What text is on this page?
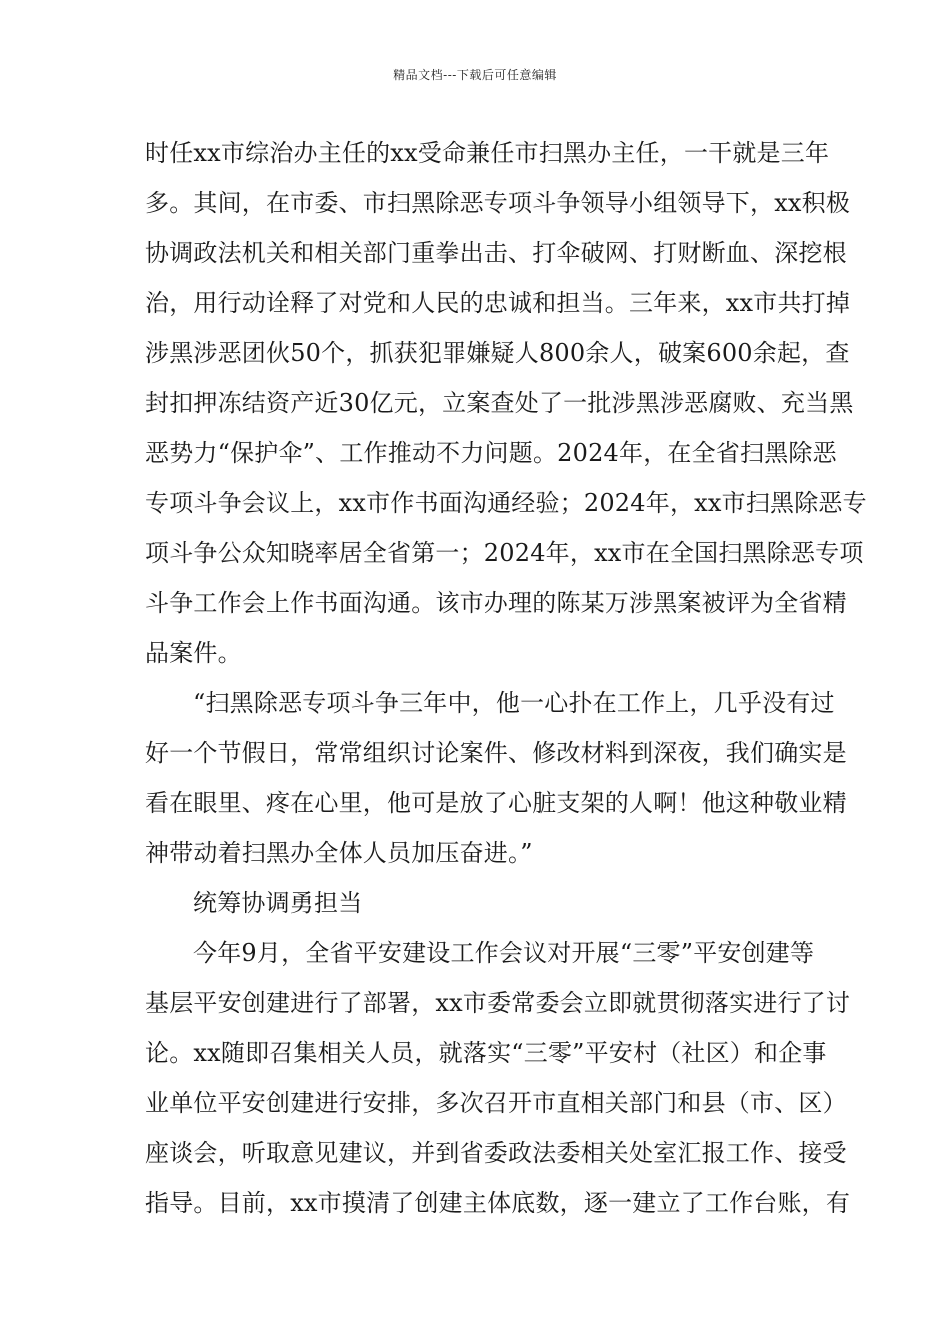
精品文档---下载后可任意编辑
时任xx市综治办主任的xx受命兼任市扫黑办主任，一干就是三年
多。其间，在市委、市扫黑除恶专项斗争领导小组领导下，xx积极
协调政法机关和相关部门重拳出击、打伞破网、打财断血、深挖根
治，用行动诠释了对党和人民的忠诚和担当。三年来，xx市共打掉
涉黑涉恶团伙50个，抓获犯罪嫌疑人800余人，破案600余起，查
封扣押冻结资产近30亿元，立案查处了一批涉黑涉恶腐败、充当黑
恶势力“保护伞”、工作推动不力问题。2024年，在全省扫黑除恶
专项斗争会议上，xx市作书面沟通经验；2024年，xx市扫黑除恶专
项斗争公众知晓率居全省第一；2024年，xx市在全国扫黑除恶专项
斗争工作会上作书面沟通。该市办理的陈某万涉黑案被评为全省精
品案件。
“扫黑除恶专项斗争三年中，他一心扑在工作上，几乎没有过
好一个节假日，常常组织讨论案件、修改材料到深夜，我们确实是
看在眼里、疼在心里，他可是放了心脏支架的人啊！他这种敬业精
神带动着扫黑办全体人员加压奋进。”
统筹协调勇担当
今年9月，全省平安建设工作会议对开展“三零”平安创建等
基层平安创建进行了部署，xx市委常委会立即就贯彻落实进行了讨
论。xx随即召集相关人员，就落实“三零”平安村（社区）和企事
业单位平安创建进行安排，多次召开市直相关部门和县（市、区）
座谈会，听取意见建议，并到省委政法委相关处室汇报工作、接受
指导。目前，xx市摸清了创建主体底数，逐一建立了工作台账，有
